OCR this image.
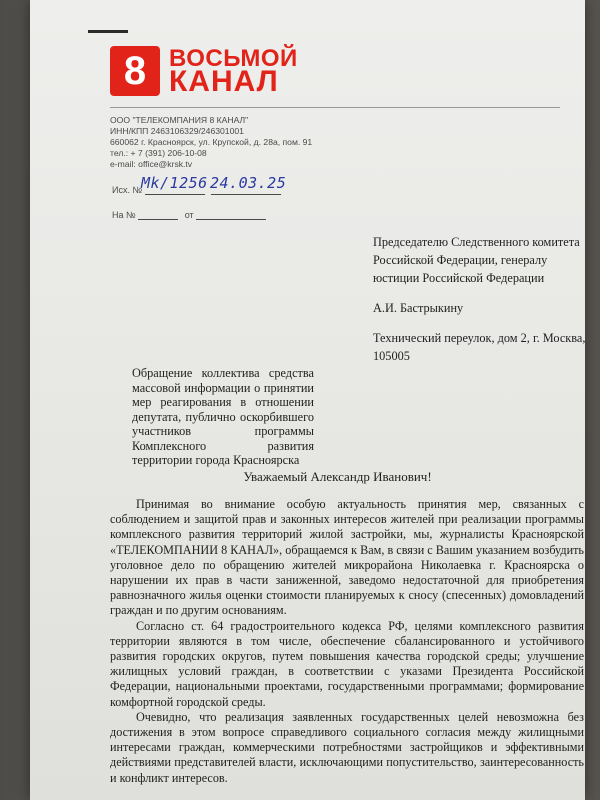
8 ВОСЬМОЙ
КАНАЛ
ООО "ТЕЛЕКОМПАНИЯ 8 КАНАЛ"
ИНН/КПП 2463106329/246301001
660062 г. Красноярск, ул. Крупской, д. 28а, пом. 91
тел.: + 7 (391) 206-10-08
e-mail: office@krsk.tv
Исх. №
Mk/1256 24.03.25
На №	от
Председателю Следственного комитета
Российской Федерации, генералу
юстиции Российской Федерации
А.И. Бастрыкину
Технический переулок, дом 2, г. Москва,
105005
Обращение коллектива средства массовой информации о принятии мер реагирования в отношении депутата, публично оскорбившего участников программы Комплексного развития территории города Красноярска
Уважаемый Александр Иванович!

Принимая во внимание особую актуальность принятия мер, связанных с соблюдением и защитой прав и законных интересов жителей при реализации программы комплексного развития территорий жилой застройки, мы, журналисты Красноярской «ТЕЛЕКОМПАНИИ 8 КАНАЛ», обращаемся к Вам, в связи с Вашим указанием возбудить уголовное дело по обращению жителей микрорайона Николаевка г. Красноярска о нарушении их прав в части заниженной, заведомо недостаточной для приобретения равнозначного жилья оценки стоимости планируемых к сносу (спесенных) домовладений граждан и по другим основаниям.

Согласно ст. 64 градостроительного кодекса РФ, целями комплексного развития территории являются в том числе, обеспечение сбалансированного и устойчивого развития городских округов, путем повышения качества городской среды; улучшение жилищных условий граждан, в соответствии с указами Президента Российской Федерации, национальными проектами, государственными программами; формирование комфортной городской среды.

Очевидно, что реализация заявленных государственных целей невозможна без достижения в этом вопросе справедливого социального согласия между жилищными интересами граждан, коммерческими потребностями застройщиков и эффективными действиями представителей власти, исключающими попустительство, заинтересованность и конфликт интересов.
